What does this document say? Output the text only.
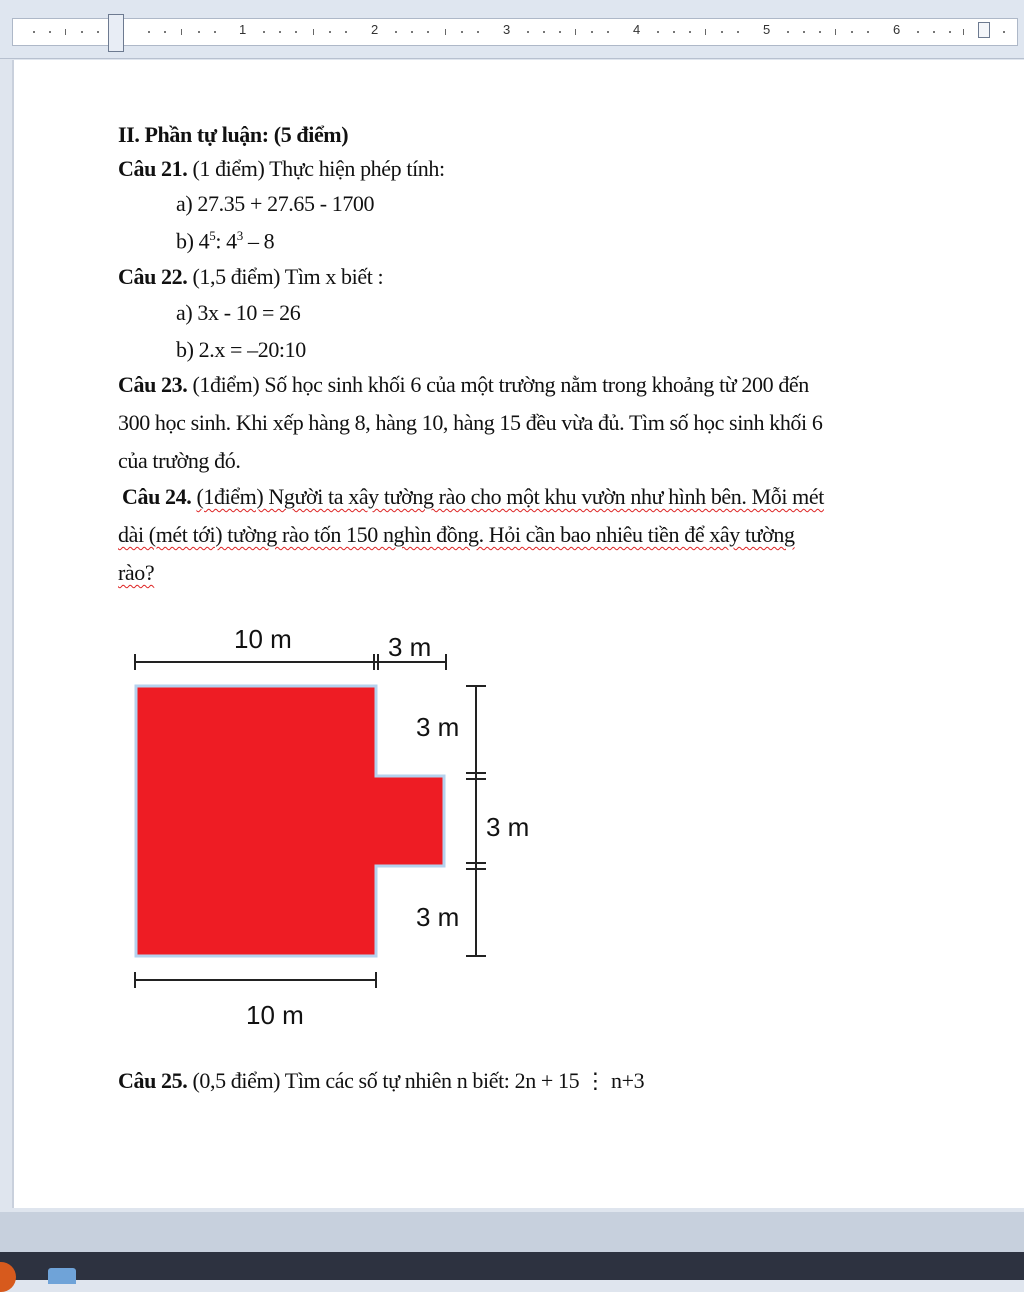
1	2	3	4	5	6
II. Phần tự luận: (5 điểm)
Câu 21. (1 điểm) Thực hiện phép tính:
a) 27.35 + 27.65 - 1700
b) $4^5$: $4^3 - 8$
Câu 22. (1,5 điểm) Tìm x biết :
a) 3x - 10 = 26
b) 2.x = –20:10
Câu 23. (1điểm) Số học sinh khối 6 của một trường nằm trong khoảng từ 200 đến
300 học sinh. Khi xếp hàng 8, hàng 10, hàng 15 đều vừa đủ. Tìm số học sinh khối 6
của trường đó.
Câu 24. (1điểm) Người ta xây tường rào cho một khu vườn như hình bên. Mỗi mét
dài (mét tới) tường rào tốn 150 nghìn đồng. Hỏi cần bao nhiêu tiền để xây tường
rào?
Câu 25. (0,5 điểm) Tìm các số tự nhiên n biết: 2n + 15 ⋮ n+3
10 m	3 m
3 m
3 m
3 m
10 m
